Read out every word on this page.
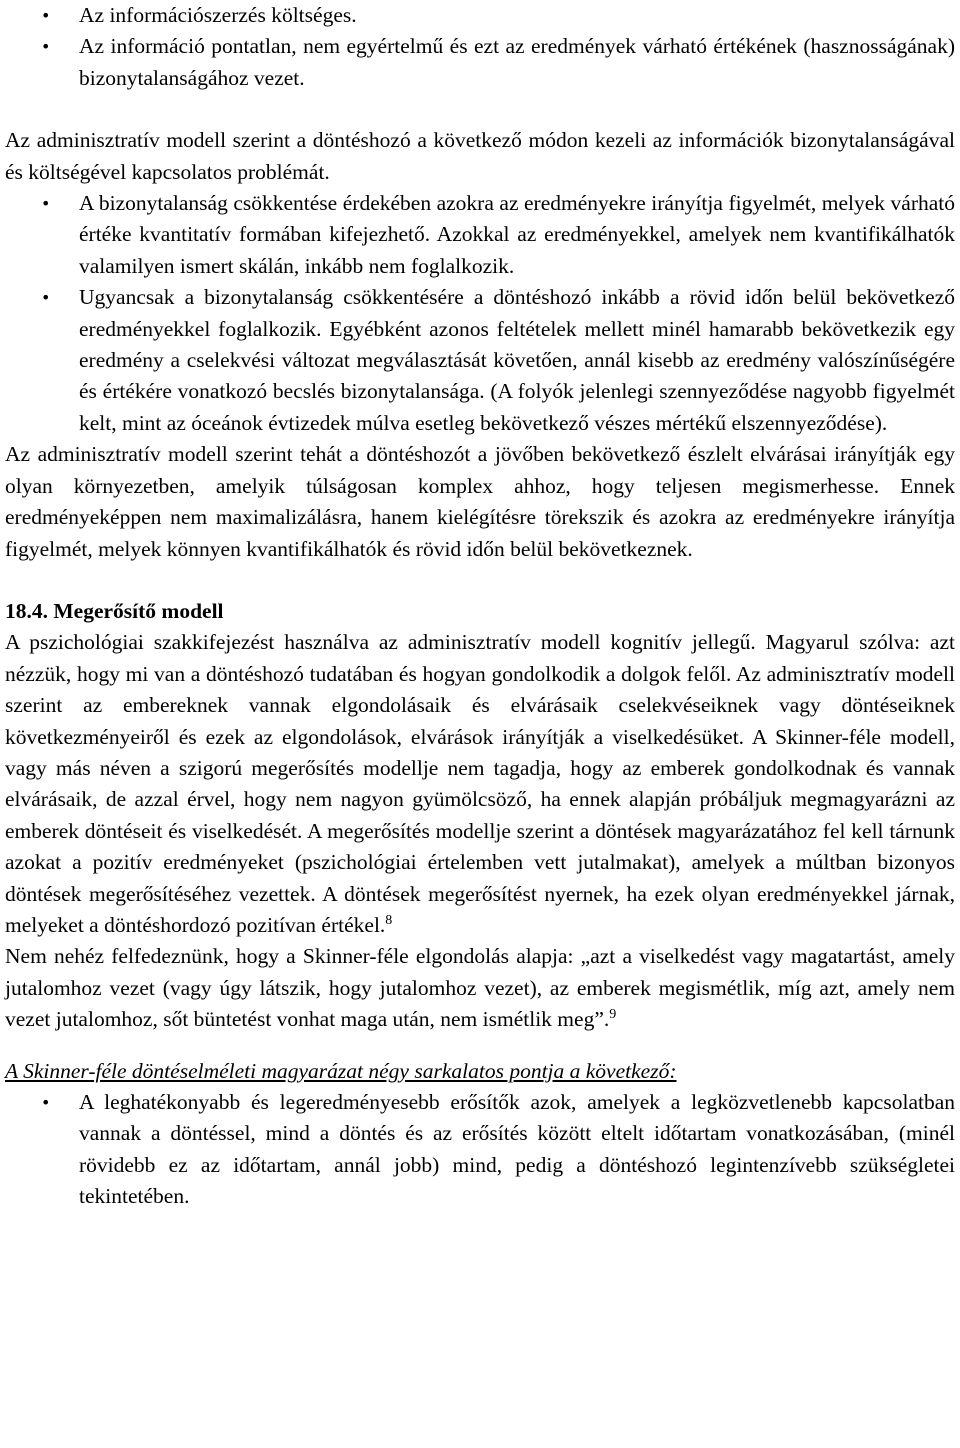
• Az információszerzés költséges.
• Az információ pontatlan, nem egyértelmű és ezt az eredmények várható értékének (hasznosságának) bizonytalanságához vezet.

Az adminisztratív modell szerint a döntéshozó a következő módon kezeli az információk bizonytalanságával és költségével kapcsolatos problémát.

• A bizonytalanság csökkentése érdekében azokra az eredményekre irányítja figyelmét, melyek várható értéke kvantitatív formában kifejezhető. Azokkal az eredményekkel, amelyek nem kvantifikálhatók valamilyen ismert skálán, inkább nem foglalkozik.
• Ugyancsak a bizonytalanság csökkentésére a döntéshozó inkább a rövid időn belül bekövetkező eredményekkel foglalkozik. Egyébként azonos feltételek mellett minél hamarabb bekövetkezik egy eredmény a cselekvési változat megválasztását követően, annál kisebb az eredmény valószínűségére és értékére vonatkozó becslés bizonytalansága. (A folyók jelenlegi szennyeződése nagyobb figyelmét kelt, mint az óceánok évtizedek múlva esetleg bekövetkező vészes mértékű elszennyeződése).

Az adminisztratív modell szerint tehát a döntéshozót a jövőben bekövetkező észlelt elvárásai irányítják egy olyan környezetben, amelyik túlságosan komplex ahhoz, hogy teljesen megismerhesse. Ennek eredményeképpen nem maximalizálásra, hanem kielégítésre törekszik és azokra az eredményekre irányítja figyelmét, melyek könnyen kvantifikálhatók és rövid időn belül bekövetkeznek.

18.4. Megerősítő modell

A pszichológiai szakkifejezést használva az adminisztratív modell kognitív jellegű. Magyarul szólva: azt nézzük, hogy mi van a döntéshozó tudatában és hogyan gondolkodik a dolgok felől. Az adminisztratív modell szerint az embereknek vannak elgondolásaik és elvárásaik cselekvéseiknek vagy döntéseiknek következményeiről és ezek az elgondolások, elvárások irányítják a viselkedésüket. A Skinner-féle modell, vagy más néven a szigorú megerősítés modellje nem tagadja, hogy az emberek gondolkodnak és vannak elvárásaik, de azzal érvel, hogy nem nagyon gyümölcsöző, ha ennek alapján próbáljuk megmagyarázni az emberek döntéseit és viselkedését. A megerősítés modellje szerint a döntések magyarázatához fel kell tárnunk azokat a pozitív eredményeket (pszichológiai értelemben vett jutalmakat), amelyek a múltban bizonyos döntések megerősítéséhez vezettek. A döntések megerősítést nyernek, ha ezek olyan eredményekkel járnak, melyeket a döntéshordozó pozitívan értékel.$^8$

Nem nehéz felfedeznünk, hogy a Skinner-féle elgondolás alapja: „azt a viselkedést vagy magatartást, amely jutalomhoz vezet (vagy úgy látszik, hogy jutalomhoz vezet), az emberek megismétlik, míg azt, amely nem vezet jutalomhoz, sőt büntetést vonhat maga után, nem ismétlik meg”.$^9$

A Skinner-féle döntéselméleti magyarázat négy sarkalatos pontja a következő:

• A leghatékonyabb és legeredményesebb erősítők azok, amelyek a legközvetlenebb kapcsolatban vannak a döntéssel, mind a döntés és az erősítés között eltelt időtartam vonatkozásában, (minél rövidebb ez az időtartam, annál jobb) mind, pedig a döntéshozó legintenzívebb szükségletei tekintetében.
